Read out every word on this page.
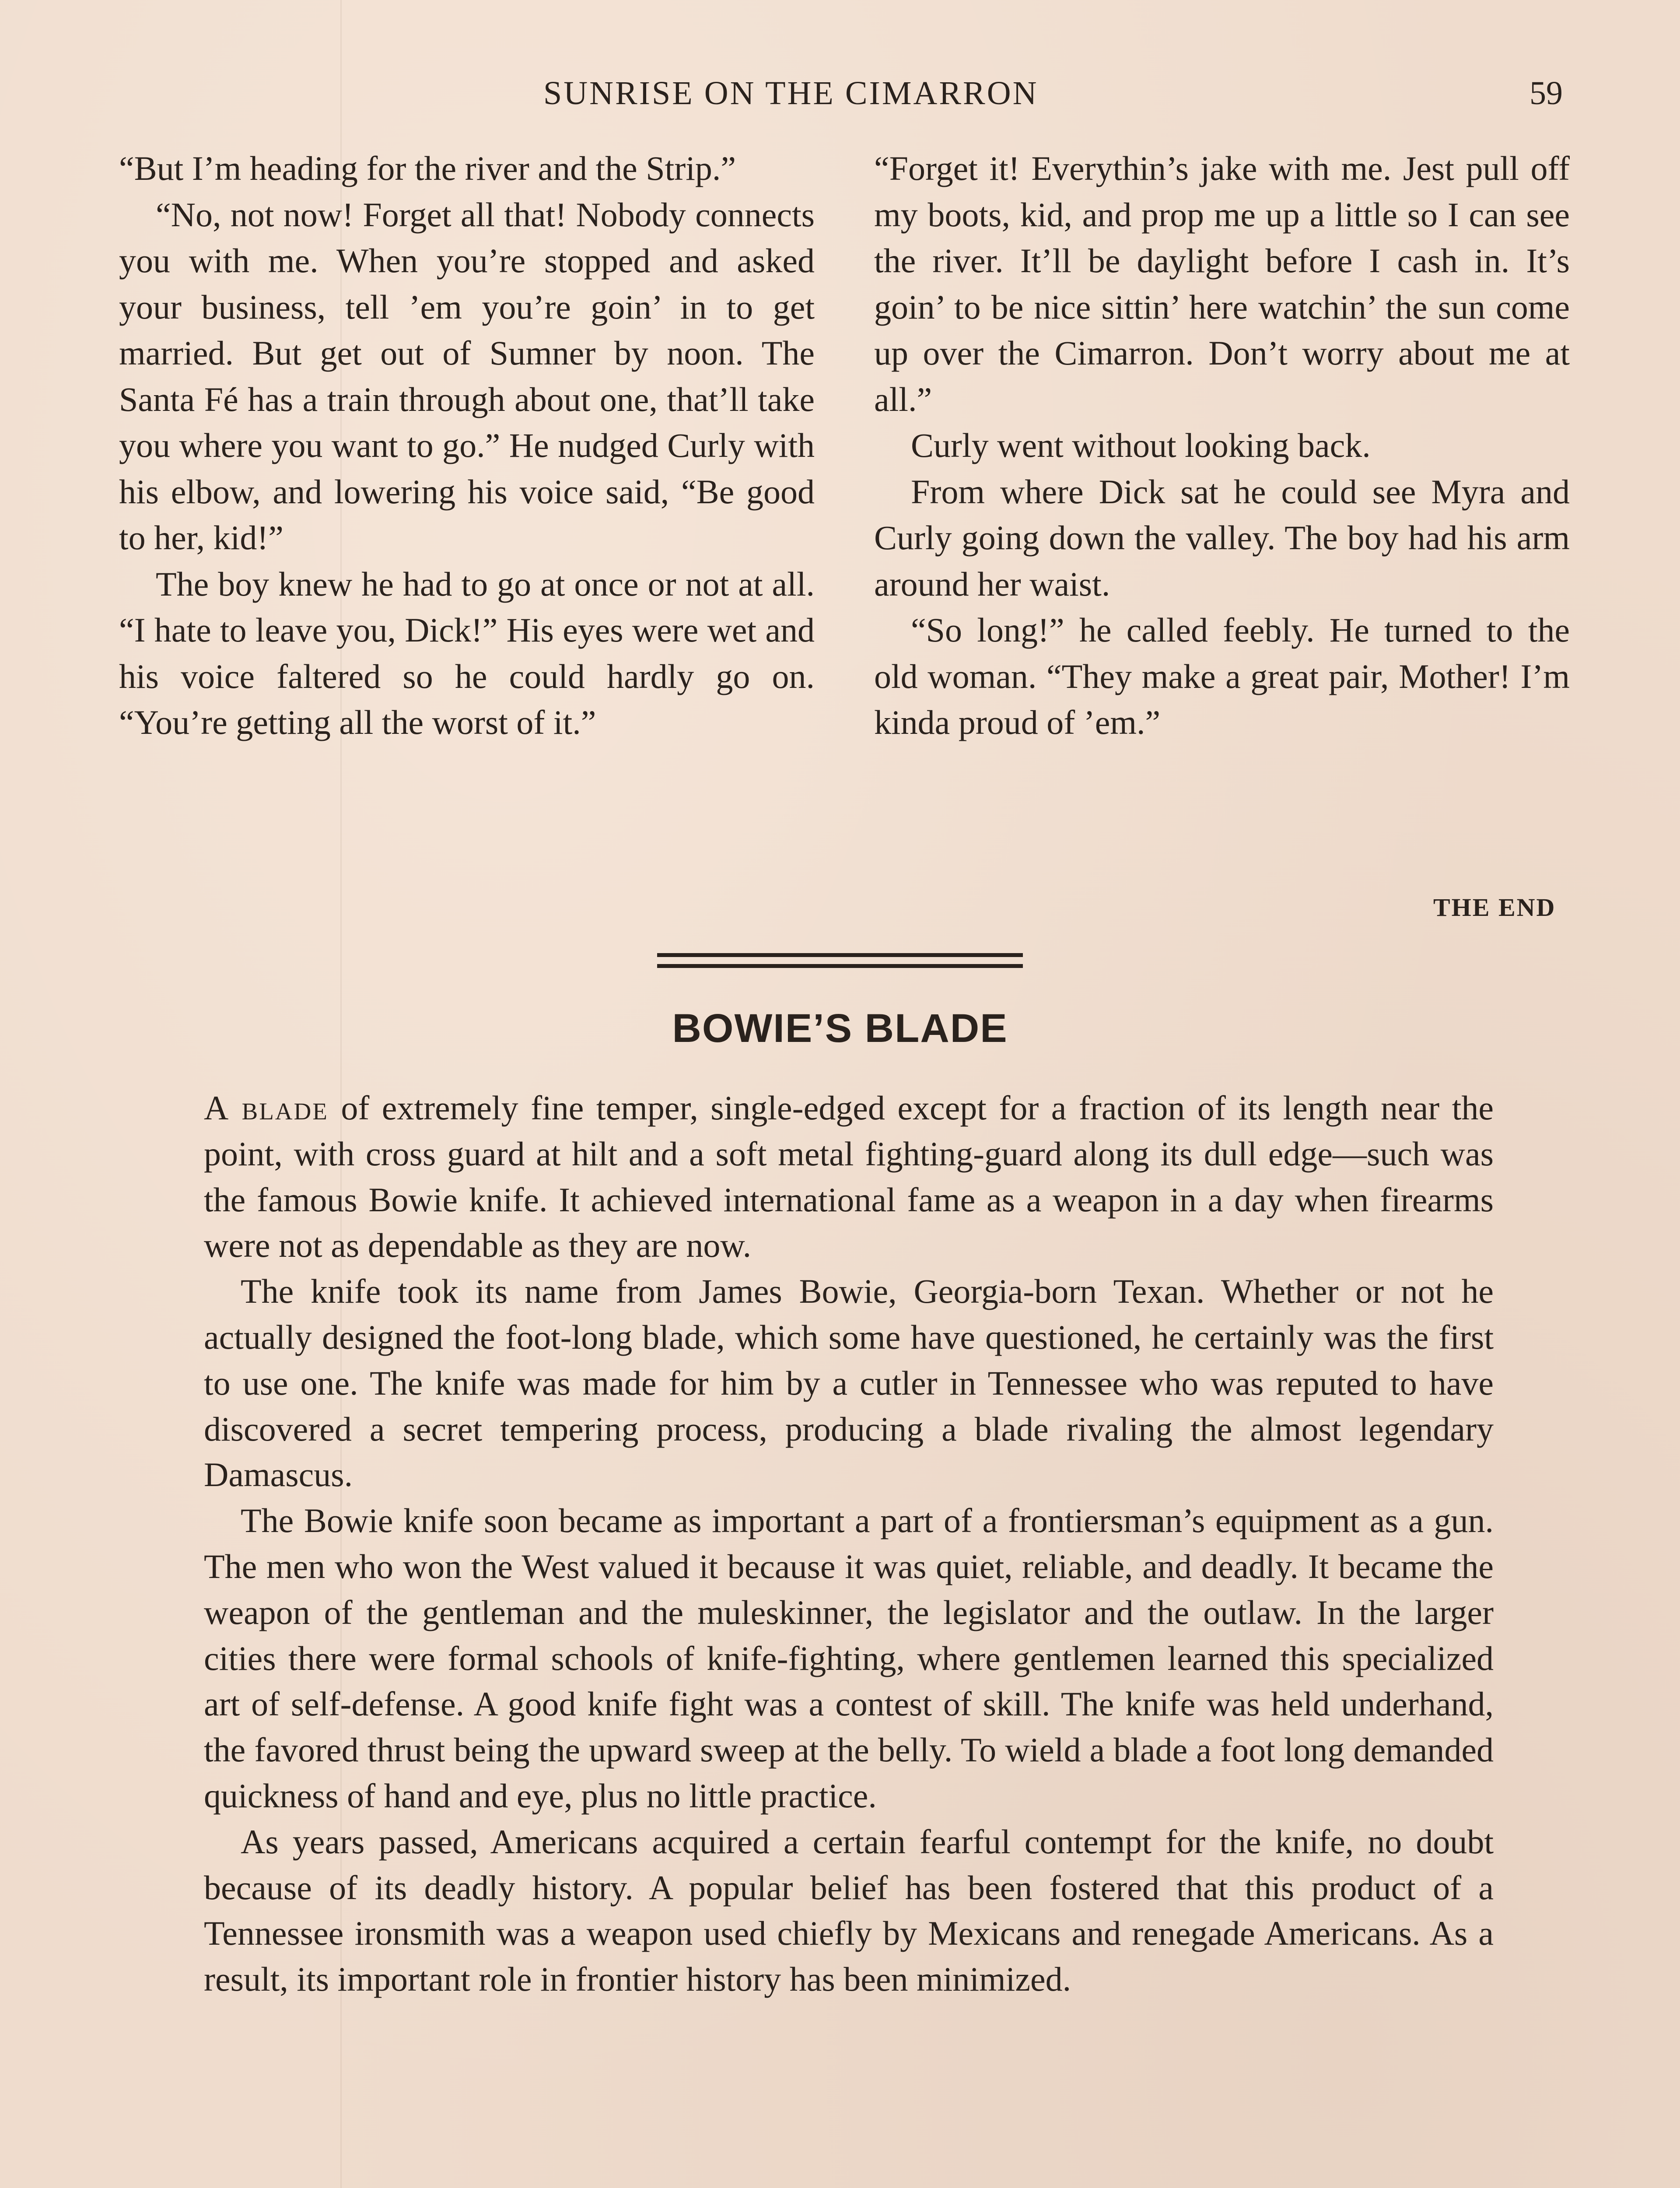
SUNRISE ON THE CIMARRON	59

“But I’m heading for the river and the Strip.”

“No, not now! Forget all that! Nobody connects you with me. When you’re stopped and asked your business, tell ’em you’re goin’ in to get married. But get out of Sumner by noon. The Santa Fé has a train through about one, that’ll take you where you want to go.” He nudged Curly with his elbow, and lowering his voice said, “Be good to her, kid!”

The boy knew he had to go at once or not at all. “I hate to leave you, Dick!” His eyes were wet and his voice faltered so he could hardly go on. “You’re getting all the worst of it.”

“Forget it! Everythin’s jake with me. Jest pull off my boots, kid, and prop me up a little so I can see the river. It’ll be daylight before I cash in. It’s goin’ to be nice sittin’ here watchin’ the sun come up over the Cimarron. Don’t worry about me at all.”

Curly went without looking back.

From where Dick sat he could see Myra and Curly going down the valley. The boy had his arm around her waist.

“So long!” he called feebly. He turned to the old woman. “They make a great pair, Mother! I’m kinda proud of ’em.”

THE END
BOWIE’S BLADE

A blade of extremely fine temper, single-edged except for a fraction of its length near the point, with cross guard at hilt and a soft metal fighting-guard along its dull edge—such was the famous Bowie knife. It achieved international fame as a weapon in a day when firearms were not as dependable as they are now.

The knife took its name from James Bowie, Georgia-born Texan. Whether or not he actually designed the foot-long blade, which some have questioned, he certainly was the first to use one. The knife was made for him by a cutler in Tennessee who was reputed to have discovered a secret tempering process, producing a blade rivaling the almost legendary Damascus.

The Bowie knife soon became as important a part of a frontiersman’s equipment as a gun. The men who won the West valued it because it was quiet, reliable, and deadly. It became the weapon of the gentleman and the muleskinner, the legislator and the outlaw. In the larger cities there were formal schools of knife-fighting, where gentlemen learned this specialized art of self-defense. A good knife fight was a contest of skill. The knife was held underhand, the favored thrust being the upward sweep at the belly. To wield a blade a foot long demanded quickness of hand and eye, plus no little practice.

As years passed, Americans acquired a certain fearful contempt for the knife, no doubt because of its deadly history. A popular belief has been fostered that this product of a Tennessee ironsmith was a weapon used chiefly by Mexicans and renegade Americans. As a result, its important role in frontier history has been minimized.
